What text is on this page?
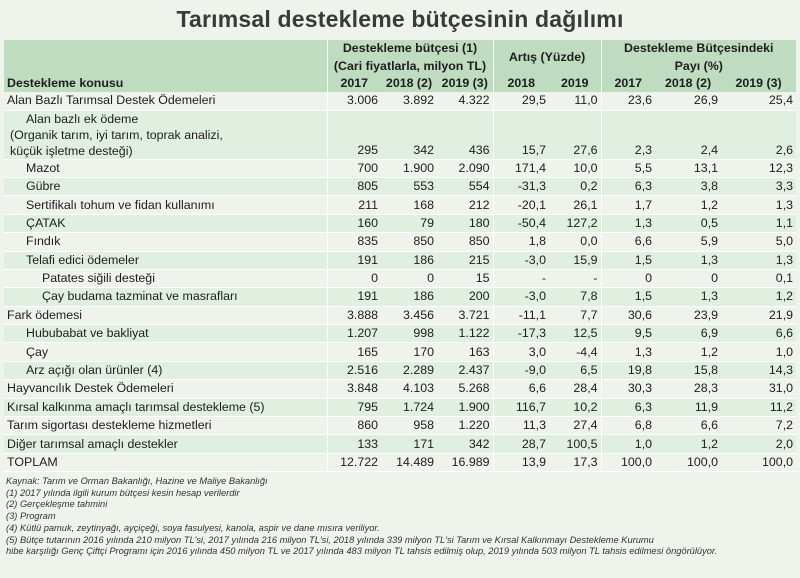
Tarımsal destekleme bütçesinin dağılımı
	Destekleme bütçesi (1)			Artış (Yüzde)		Destekleme Bütçesindeki		
	(Cari fiyatlarla, milyon TL)					Payı (%)		
Destekleme konusu	2017	2018 (2)	2019 (3)	2018	2019	2017	2018 (2)	2019 (3)
Alan Bazlı Tarımsal Destek Ödemeleri	3.006	3.892	4.322	29,5	11,0	23,6	26,9	25,4

Alan bazlı ek ödeme
(Organik tarım, iyi tarım, toprak analizi,
küçük işletme desteği)	295	342	436	15,7	27,6	2,3	2,4	2,6
Mazot	700	1.900	2.090	171,4	10,0	5,5	13,1	12,3
Gübre	805	553	554	-31,3	0,2	6,3	3,8	3,3
Sertifikalı tohum ve fidan kullanımı	211	168	212	-20,1	26,1	1,7	1,2	1,3
ÇATAK	160	79	180	-50,4	127,2	1,3	0,5	1,1
Fındık	835	850	850	1,8	0,0	6,6	5,9	5,0
Telafi edici ödemeler	191	186	215	-3,0	15,9	1,5	1,3	1,3
Patates siğili desteği	0	0	15	-	-	0	0	0,1
Çay budama tazminat ve masrafları	191	186	200	-3,0	7,8	1,5	1,3	1,2
Fark ödemesi	3.888	3.456	3.721	-11,1	7,7	30,6	23,9	21,9
Hububabat ve bakliyat	1.207	998	1.122	-17,3	12,5	9,5	6,9	6,6
Çay	165	170	163	3,0	-4,4	1,3	1,2	1,0
Arz açığı olan ürünler (4)	2.516	2.289	2.437	-9,0	6,5	19,8	15,8	14,3
Hayvancılık Destek Ödemeleri	3.848	4.103	5.268	6,6	28,4	30,3	28,3	31,0
Kırsal kalkınma amaçlı tarımsal destekleme (5)	795	1.724	1.900	116,7	10,2	6,3	11,9	11,2
Tarım sigortası destekleme hizmetleri	860	958	1.220	11,3	27,4	6,8	6,6	7,2
Diğer tarımsal amaçlı destekler	133	171	342	28,7	100,5	1,0	1,2	2,0
TOPLAM	12.722	14.489	16.989	13,9	17,3	100,0	100,0	100,0
Kaynak: Tarım ve Orman Bakanlığı, Hazine ve Maliye Bakanlığı
(1) 2017 yılında ilgili kurum bütçesi kesin hesap verilerdir
(2) Gerçekleşme tahmini
(3) Program
(4) Kütlü pamuk, zeytinyağı, ayçiçeği, soya fasulyesi, kanola, aspir ve dane mısıra veriliyor.
(5) Bütçe tutarının 2016 yılında 210 milyon TL'si, 2017 yılında 216 milyon TL'si, 2018 yılında 339 milyon TL'si Tarım ve Kırsal Kalkınmayı Destekleme Kurumu
hibe karşılığı Genç Çiftçi Programı için 2016 yılında 450 milyon TL ve 2017 yılında 483 milyon TL tahsis edilmiş olup, 2019 yılında 503 milyon TL tahsis edilmesi öngörülüyor.
